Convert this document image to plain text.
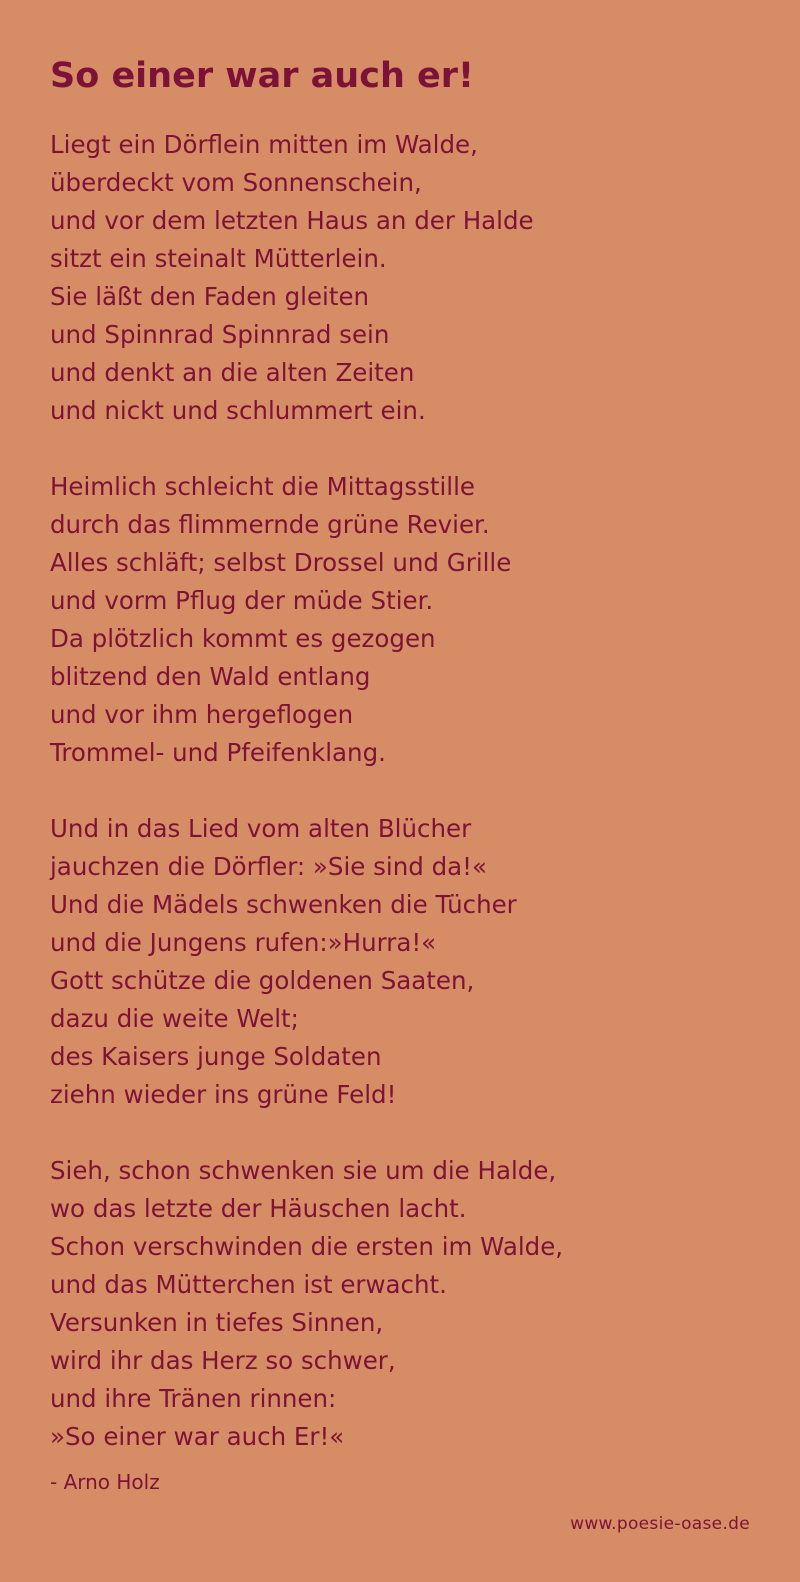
So einer war auch er!
Liegt ein Dörflein mitten im Walde,
überdeckt vom Sonnenschein,
und vor dem letzten Haus an der Halde
sitzt ein steinalt Mütterlein.
Sie läßt den Faden gleiten
und Spinnrad Spinnrad sein
und denkt an die alten Zeiten
und nickt und schlummert ein.
Heimlich schleicht die Mittagsstille
durch das flimmernde grüne Revier.
Alles schläft; selbst Drossel und Grille
und vorm Pflug der müde Stier.
Da plötzlich kommt es gezogen
blitzend den Wald entlang
und vor ihm hergeflogen
Trommel- und Pfeifenklang.
Und in das Lied vom alten Blücher
jauchzen die Dörfler: »Sie sind da!«
Und die Mädels schwenken die Tücher
und die Jungens rufen:»Hurra!«
Gott schütze die goldenen Saaten,
dazu die weite Welt;
des Kaisers junge Soldaten
ziehn wieder ins grüne Feld!
Sieh, schon schwenken sie um die Halde,
wo das letzte der Häuschen lacht.
Schon verschwinden die ersten im Walde,
und das Mütterchen ist erwacht.
Versunken in tiefes Sinnen,
wird ihr das Herz so schwer,
und ihre Tränen rinnen:
»So einer war auch Er!«
- Arno Holz
www.poesie-oase.de
